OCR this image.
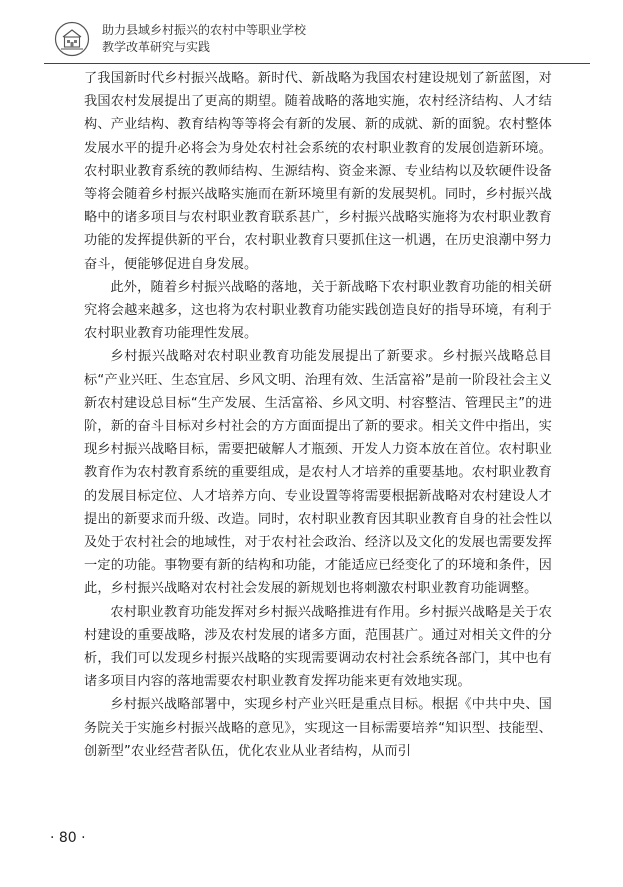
助力县域乡村振兴的农村中等职业学校
教学改革研究与实践

了我国新时代乡村振兴战略。新时代、新战略为我国农村建设规划了新蓝图，对我国农村发展提出了更高的期望。随着战略的落地实施，农村经济结构、人才结构、产业结构、教育结构等等将会有新的发展、新的成就、新的面貌。农村整体发展水平的提升必将会为身处农村社会系统的农村职业教育的发展创造新环境。农村职业教育系统的教师结构、生源结构、资金来源、专业结构以及软硬件设备等将会随着乡村振兴战略实施而在新环境里有新的发展契机。同时，乡村振兴战略中的诸多项目与农村职业教育联系甚广，乡村振兴战略实施将为农村职业教育功能的发挥提供新的平台，农村职业教育只要抓住这一机遇，在历史浪潮中努力奋斗，便能够促进自身发展。

此外，随着乡村振兴战略的落地，关于新战略下农村职业教育功能的相关研究将会越来越多，这也将为农村职业教育功能实践创造良好的指导环境，有利于农村职业教育功能理性发展。

乡村振兴战略对农村职业教育功能发展提出了新要求。乡村振兴战略总目标“产业兴旺、生态宜居、乡风文明、治理有效、生活富裕”是前一阶段社会主义新农村建设总目标“生产发展、生活富裕、乡风文明、村容整洁、管理民主”的进阶，新的奋斗目标对乡村社会的方方面面提出了新的要求。相关文件中指出，实现乡村振兴战略目标，需要把破解人才瓶颈、开发人力资本放在首位。农村职业教育作为农村教育系统的重要组成，是农村人才培养的重要基地。农村职业教育的发展目标定位、人才培养方向、专业设置等将需要根据新战略对农村建设人才提出的新要求而升级、改造。同时，农村职业教育因其职业教育自身的社会性以及处于农村社会的地域性，对于农村社会政治、经济以及文化的发展也需要发挥一定的功能。事物要有新的结构和功能，才能适应已经变化了的环境和条件，因此，乡村振兴战略对农村社会发展的新规划也将刺激农村职业教育功能调整。

农村职业教育功能发挥对乡村振兴战略推进有作用。乡村振兴战略是关于农村建设的重要战略，涉及农村发展的诸多方面，范围甚广。通过对相关文件的分析，我们可以发现乡村振兴战略的实现需要调动农村社会系统各部门，其中也有诸多项目内容的落地需要农村职业教育发挥功能来更有效地实现。

乡村振兴战略部署中，实现乡村产业兴旺是重点目标。根据《中共中央、国务院关于实施乡村振兴战略的意见》，实现这一目标需要培养“知识型、技能型、创新型”农业经营者队伍，优化农业从业者结构，从而引

· 80 ·
